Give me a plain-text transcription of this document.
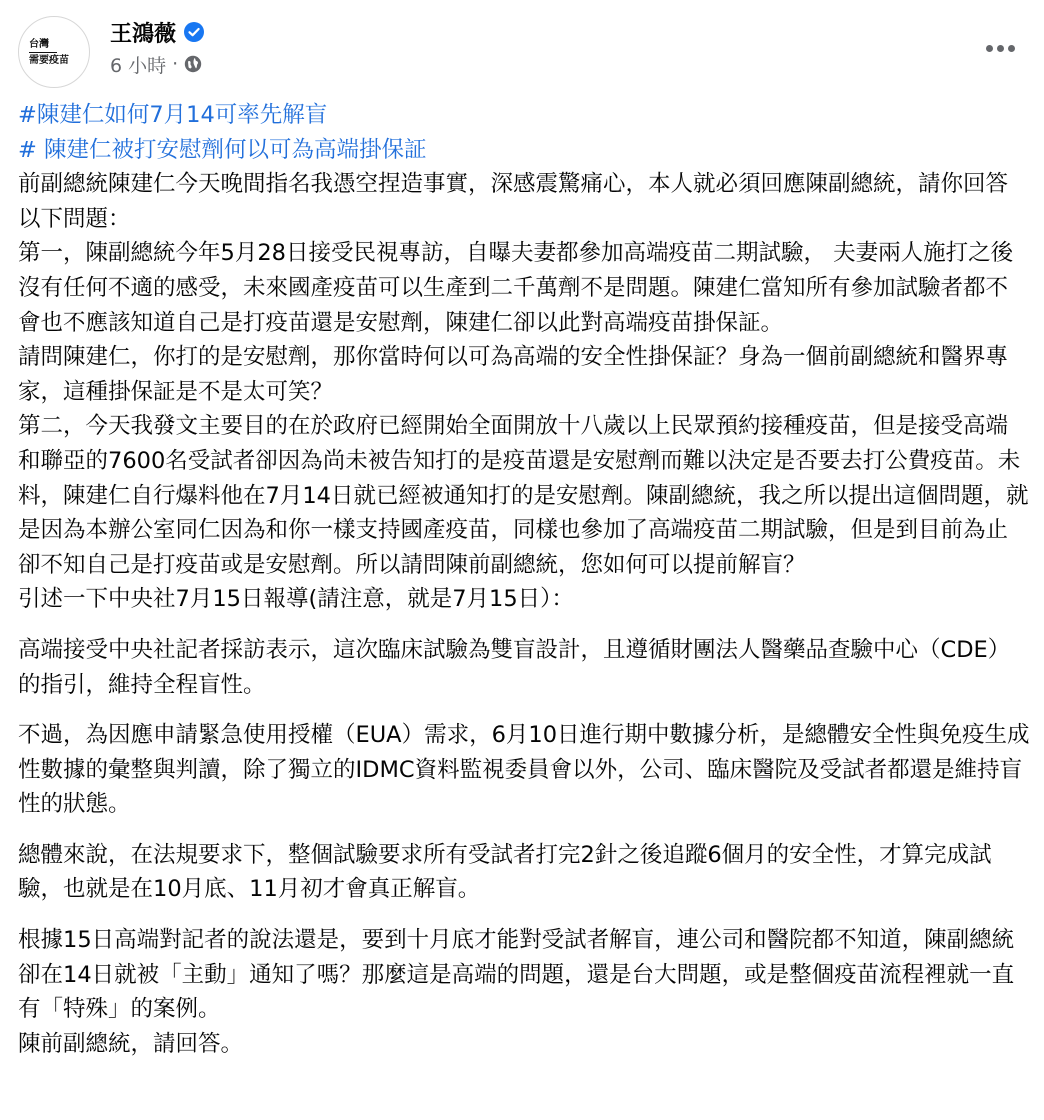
台灣
需要疫苗
王鴻薇
6 小時 ·
#陳建仁如何7月14可率先解盲
# 陳建仁被打安慰劑何以可為高端掛保証

前副總統陳建仁今天晚間指名我憑空捏造事實，深感震驚痛心，本人就必須回應陳副總統，請你回答以下問題：

第一，陳副總統今年5月28日接受民視專訪，自曝夫妻都參加高端疫苗二期試驗， 夫妻兩人施打之後沒有任何不適的感受，未來國產疫苗可以生產到二千萬劑不是問題。陳建仁當知所有參加試驗者都不會也不應該知道自己是打疫苗還是安慰劑，陳建仁卻以此對高端疫苗掛保証。

請問陳建仁，你打的是安慰劑，那你當時何以可為高端的安全性掛保証？身為一個前副總統和醫界專家，這種掛保証是不是太可笑？

第二，今天我發文主要目的在於政府已經開始全面開放十八歲以上民眾預約接種疫苗，但是接受高端和聯亞的7600名受試者卻因為尚未被告知打的是疫苗還是安慰劑而難以決定是否要去打公費疫苗。未料，陳建仁自行爆料他在7月14日就已經被通知打的是安慰劑。陳副總統，我之所以提出這個問題，就是因為本辦公室同仁因為和你一樣支持國產疫苗，同樣也參加了高端疫苗二期試驗，但是到目前為止卻不知自己是打疫苗或是安慰劑。所以請問陳前副總統，您如何可以提前解盲？

引述一下中央社7月15日報導(請注意，就是7月15日）：

高端接受中央社記者採訪表示，這次臨床試驗為雙盲設計，且遵循財團法人醫藥品查驗中心（CDE）的指引，維持全程盲性。

不過，為因應申請緊急使用授權（EUA）需求，6月10日進行期中數據分析，是總體安全性與免疫生成性數據的彙整與判讀，除了獨立的IDMC資料監視委員會以外，公司、臨床醫院及受試者都還是維持盲性的狀態。

總體來說，在法規要求下，整個試驗要求所有受試者打完2針之後追蹤6個月的安全性，才算完成試驗，也就是在10月底、11月初才會真正解盲。

根據15日高端對記者的說法還是，要到十月底才能對受試者解盲，連公司和醫院都不知道，陳副總統卻在14日就被「主動」通知了嗎？那麼這是高端的問題，還是台大問題，或是整個疫苗流程裡就一直有「特殊」的案例。

陳前副總統，請回答。
